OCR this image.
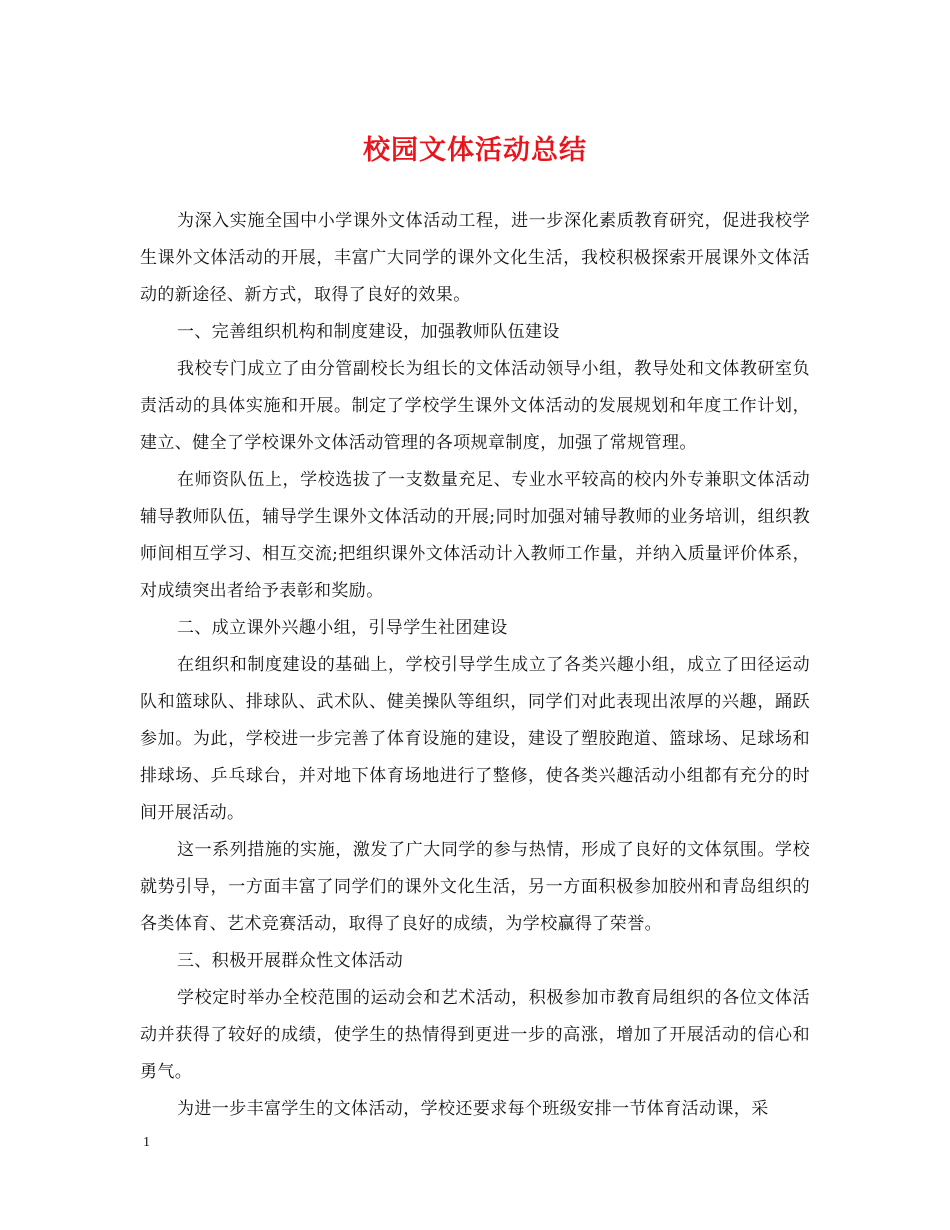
校园文体活动总结

为深入实施全国中小学课外文体活动工程，进一步深化素质教育研究，促进我校学生课外文体活动的开展，丰富广大同学的课外文化生活，我校积极探索开展课外文体活动的新途径、新方式，取得了良好的效果。

一、完善组织机构和制度建设，加强教师队伍建设

我校专门成立了由分管副校长为组长的文体活动领导小组，教导处和文体教研室负责活动的具体实施和开展。制定了学校学生课外文体活动的发展规划和年度工作计划，建立、健全了学校课外文体活动管理的各项规章制度，加强了常规管理。

在师资队伍上，学校选拔了一支数量充足、专业水平较高的校内外专兼职文体活动辅导教师队伍，辅导学生课外文体活动的开展;同时加强对辅导教师的业务培训，组织教师间相互学习、相互交流;把组织课外文体活动计入教师工作量，并纳入质量评价体系，对成绩突出者给予表彰和奖励。

二、成立课外兴趣小组，引导学生社团建设

在组织和制度建设的基础上，学校引导学生成立了各类兴趣小组，成立了田径运动队和篮球队、排球队、武术队、健美操队等组织，同学们对此表现出浓厚的兴趣，踊跃参加。为此，学校进一步完善了体育设施的建设，建设了塑胶跑道、篮球场、足球场和排球场、乒乓球台，并对地下体育场地进行了整修，使各类兴趣活动小组都有充分的时间开展活动。

这一系列措施的实施，激发了广大同学的参与热情，形成了良好的文体氛围。学校就势引导，一方面丰富了同学们的课外文化生活，另一方面积极参加胶州和青岛组织的各类体育、艺术竞赛活动，取得了良好的成绩，为学校赢得了荣誉。

三、积极开展群众性文体活动

学校定时举办全校范围的运动会和艺术活动，积极参加市教育局组织的各位文体活动并获得了较好的成绩，使学生的热情得到更进一步的高涨，增加了开展活动的信心和勇气。

为进一步丰富学生的文体活动，学校还要求每个班级安排一节体育活动课，采

1
